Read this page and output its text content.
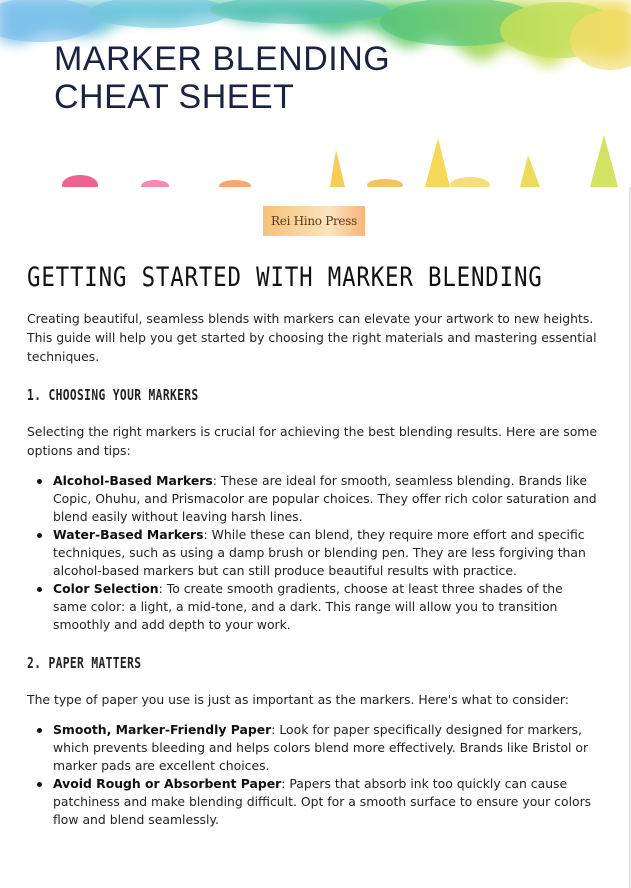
MARKER BLENDING
CHEAT SHEET
Rei Hino Press
GETTING STARTED WITH MARKER BLENDING

Creating beautiful, seamless blends with markers can elevate your artwork to new heights. This guide will help you get started by choosing the right materials and mastering essential techniques.

1. CHOOSING YOUR MARKERS

Selecting the right markers is crucial for achieving the best blending results. Here are some options and tips:

Alcohol-Based Markers: These are ideal for smooth, seamless blending. Brands like Copic, Ohuhu, and Prismacolor are popular choices. They offer rich color saturation and blend easily without leaving harsh lines.
Water-Based Markers: While these can blend, they require more effort and specific techniques, such as using a damp brush or blending pen. They are less forgiving than alcohol-based markers but can still produce beautiful results with practice.
Color Selection: To create smooth gradients, choose at least three shades of the same color: a light, a mid-tone, and a dark. This range will allow you to transition smoothly and add depth to your work.
2. PAPER MATTERS

The type of paper you use is just as important as the markers. Here's what to consider:

Smooth, Marker-Friendly Paper: Look for paper specifically designed for markers, which prevents bleeding and helps colors blend more effectively. Brands like Bristol or marker pads are excellent choices.
Avoid Rough or Absorbent Paper: Papers that absorb ink too quickly can cause patchiness and make blending difficult. Opt for a smooth surface to ensure your colors flow and blend seamlessly.
